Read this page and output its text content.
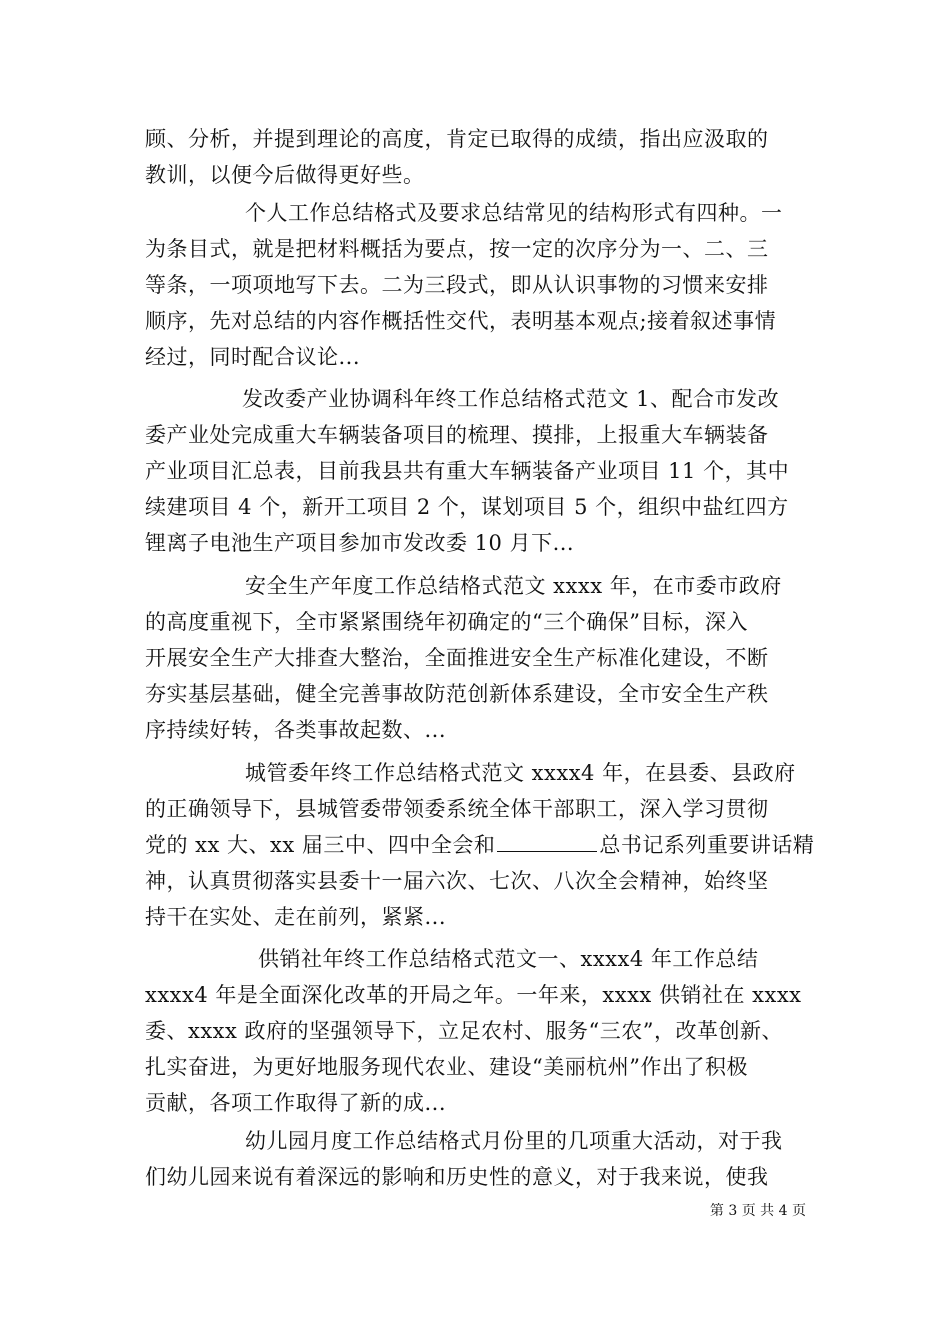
顾、分析，并提到理论的高度，肯定已取得的成绩，指出应汲取的
教训，以便今后做得更好些。
个人工作总结格式及要求总结常见的结构形式有四种。一
为条目式，就是把材料概括为要点，按一定的次序分为一、二、三
等条，一项项地写下去。二为三段式，即从认识事物的习惯来安排
顺序，先对总结的内容作概括性交代，表明基本观点;接着叙述事情
经过，同时配合议论...
发改委产业协调科年终工作总结格式范文 1、配合市发改
委产业处完成重大车辆装备项目的梳理、摸排，上报重大车辆装备
产业项目汇总表，目前我县共有重大车辆装备产业项目 11 个，其中
续建项目 4 个，新开工项目 2 个，谋划项目 5 个，组织中盐红四方
锂离子电池生产项目参加市发改委 10 月下...
安全生产年度工作总结格式范文 xxxx 年，在市委市政府
的高度重视下，全市紧紧围绕年初确定的“三个确保”目标，深入
开展安全生产大排查大整治，全面推进安全生产标准化建设，不断
夯实基层基础，健全完善事故防范创新体系建设，全市安全生产秩
序持续好转，各类事故起数、...
城管委年终工作总结格式范文 xxxx4 年，在县委、县政府
的正确领导下，县城管委带领委系统全体干部职工，深入学习贯彻
党的 xx 大、xx 届三中、四中全会和	总书记系列重要讲话精
神，认真贯彻落实县委十一届六次、七次、八次全会精神，始终坚
持干在实处、走在前列，紧紧...
供销社年终工作总结格式范文一、xxxx4 年工作总结
xxxx4 年是全面深化改革的开局之年。一年来，xxxx 供销社在 xxxx
委、xxxx 政府的坚强领导下，立足农村、服务“三农”，改革创新、
扎实奋进，为更好地服务现代农业、建设“美丽杭州”作出了积极
贡献，各项工作取得了新的成...
幼儿园月度工作总结格式月份里的几项重大活动，对于我
们幼儿园来说有着深远的影响和历史性的意义，对于我来说，使我
第 3 页 共 4 页
